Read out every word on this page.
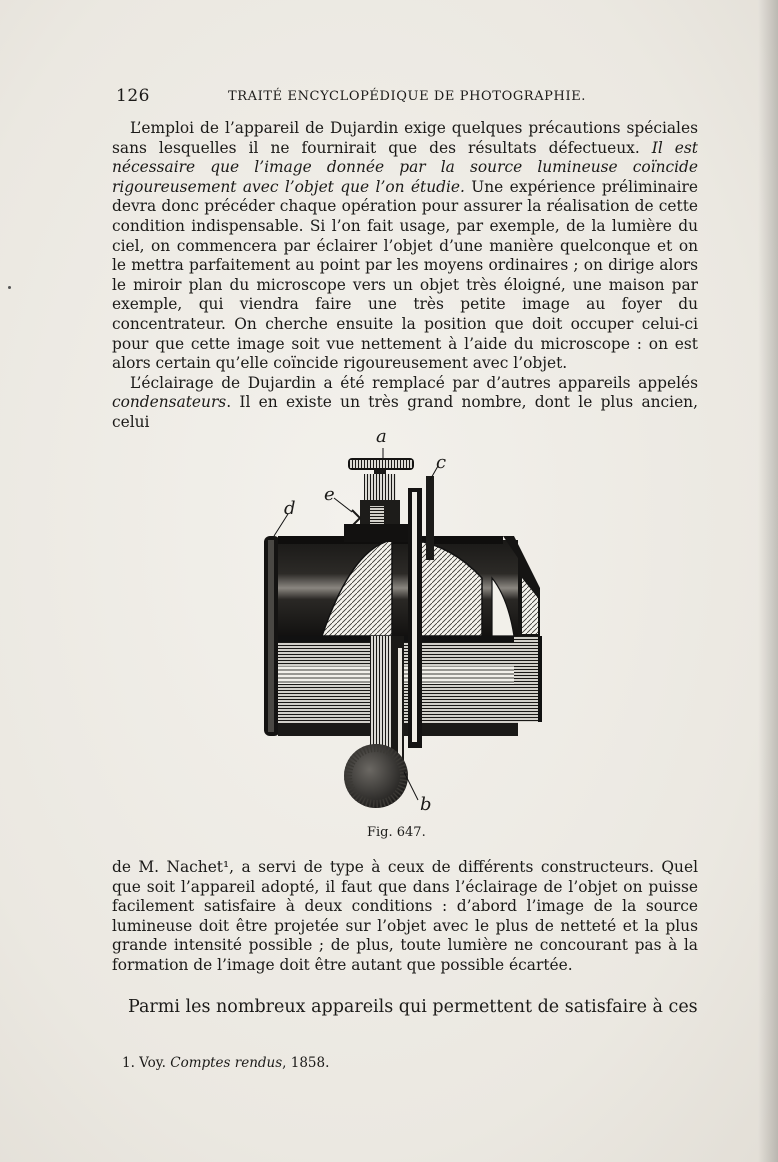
126	TRAITÉ ENCYCLOPÉDIQUE DE PHOTOGRAPHIE.

L’emploi de l’appareil de Dujardin exige quelques précautions spéciales sans lesquelles il ne fournirait que des résultats défectueux. Il est nécessaire que l’image donnée par la source lumineuse coïncide rigoureusement avec l’objet que l’on étudie. Une expérience préliminaire devra donc précéder chaque opération pour assurer la réalisation de cette condition indispensable. Si l’on fait usage, par exemple, de la lumière du ciel, on commencera par éclairer l’objet d’une manière quelconque et on le mettra parfaitement au point par les moyens ordinaires ; on dirige alors le miroir plan du microscope vers un objet très éloigné, une maison par exemple, qui viendra faire une très petite image au foyer du concentrateur. On cherche ensuite la position que doit occuper celui-ci pour que cette image soit vue nettement à l’aide du microscope : on est alors certain qu’elle coïncide rigoureusement avec l’objet.

L’éclairage de Dujardin a été remplacé par d’autres appareils appelés condensateurs. Il en existe un très grand nombre, dont le plus ancien, celui

a
c
e
d
b
Fig. 647.

de M. Nachet¹, a servi de type à ceux de différents constructeurs. Quel que soit l’appareil adopté, il faut que dans l’éclairage de l’objet on puisse facilement satisfaire à deux conditions : d’abord l’image de la source lumineuse doit être projetée sur l’objet avec le plus de netteté et la plus grande intensité possible ; de plus, toute lumière ne concourant pas à la formation de l’image doit être autant que possible écartée.

Parmi les nombreux appareils qui permettent de satisfaire à ces
1. Voy. Comptes rendus, 1858.
